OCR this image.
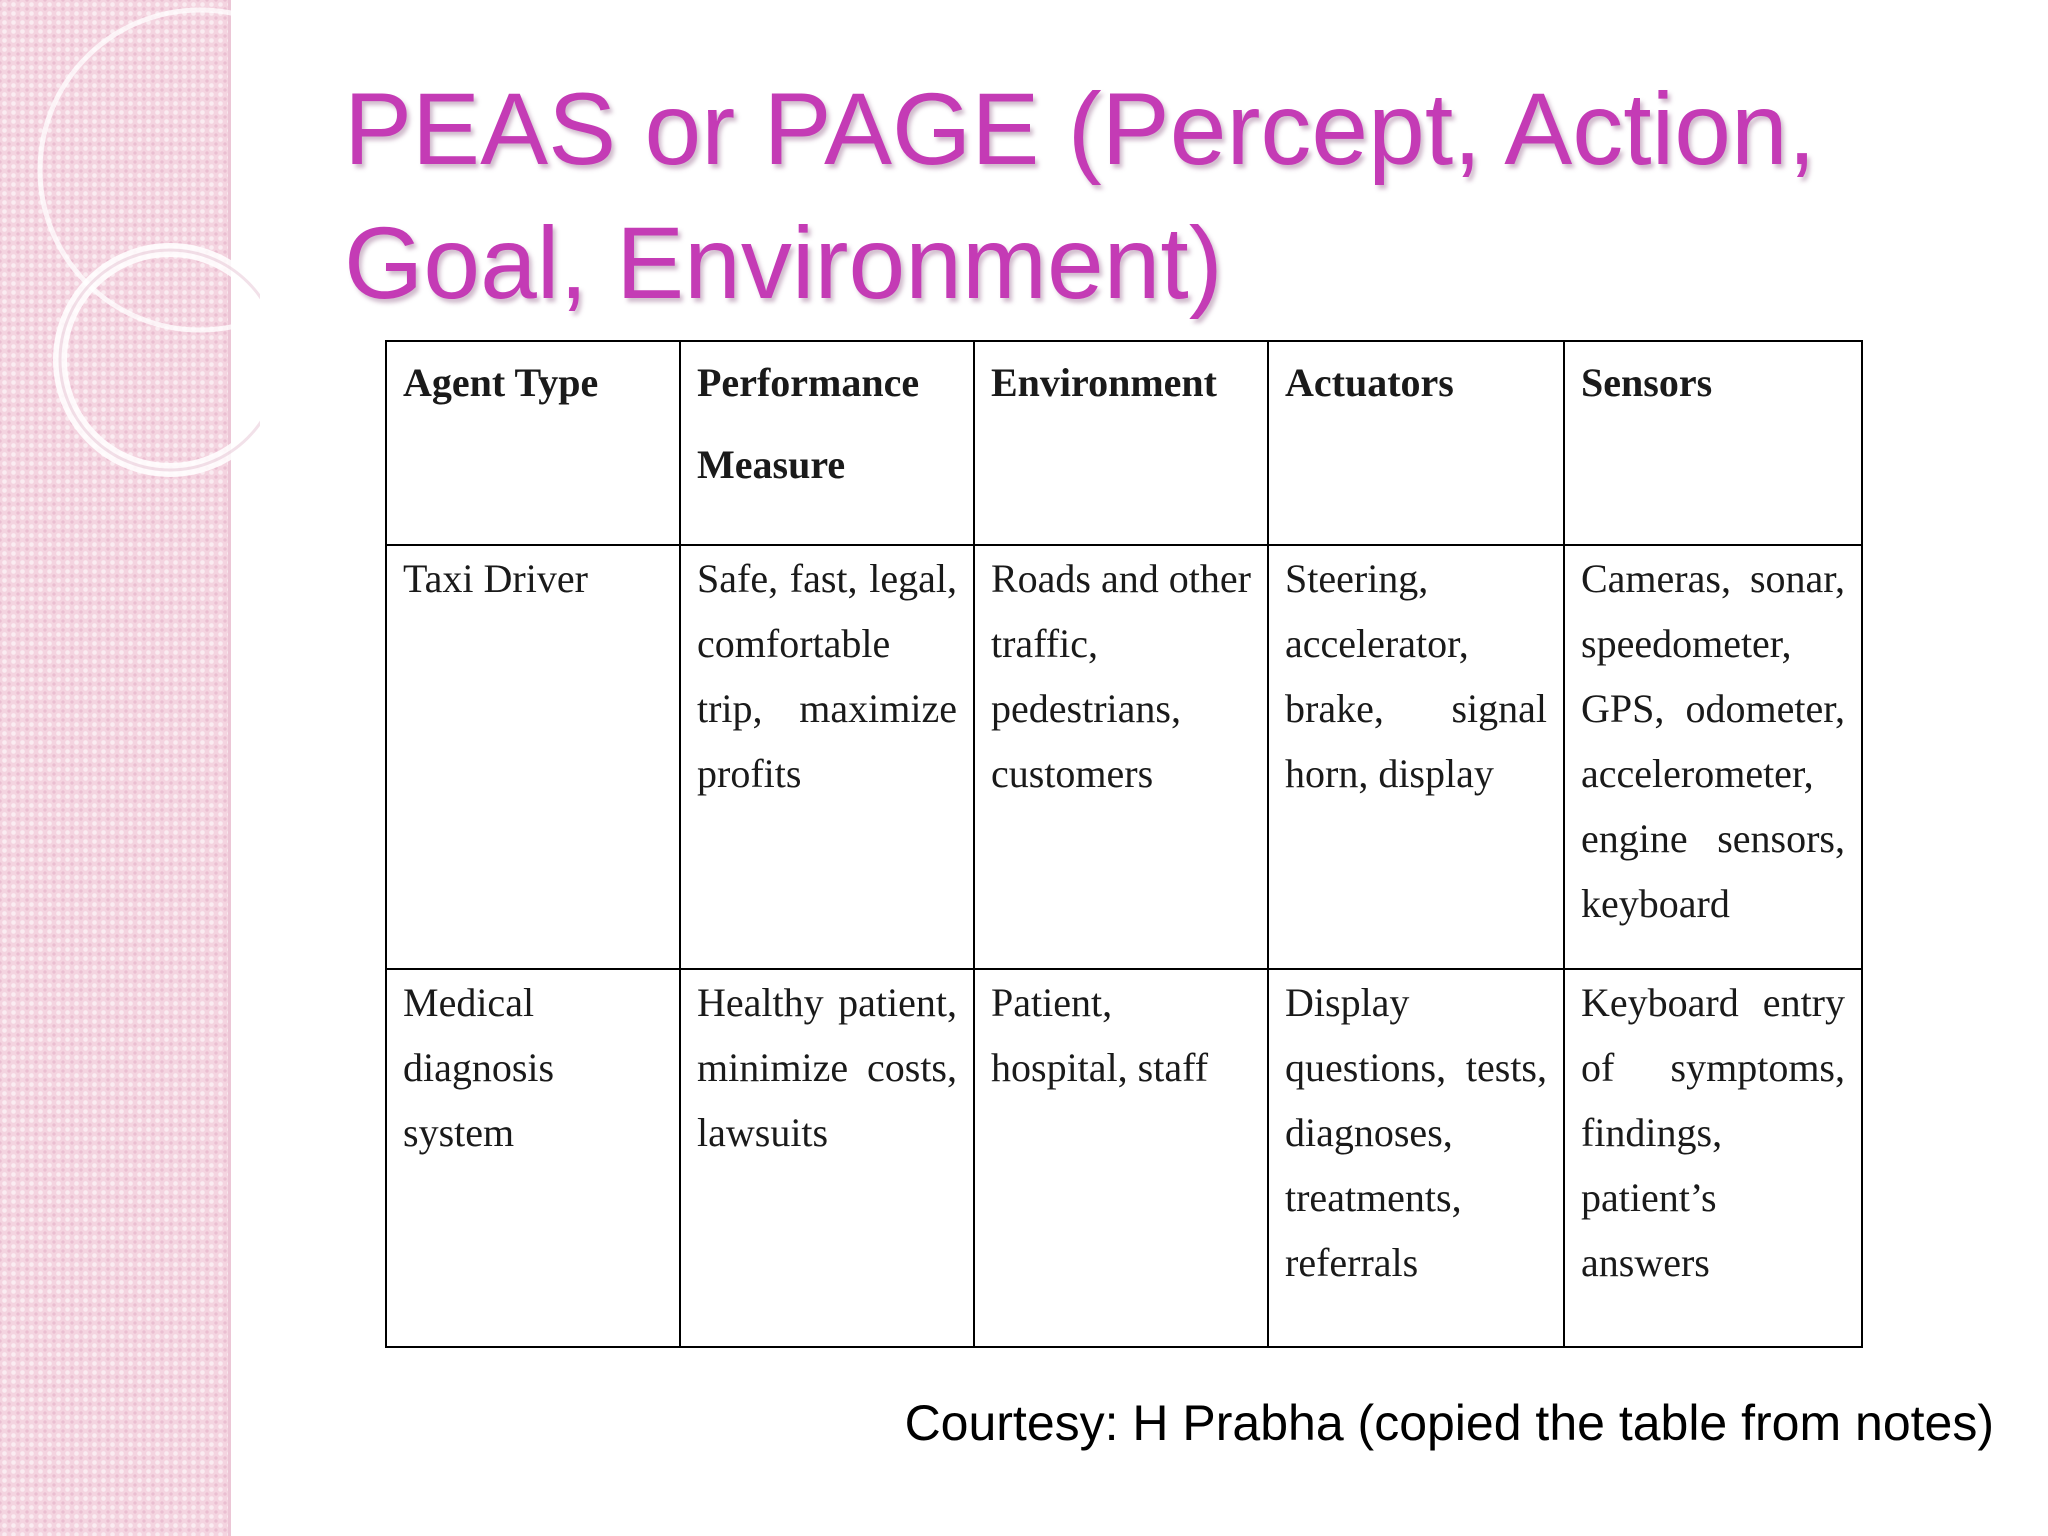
PEAS or PAGE (Percept, Action, Goal, Environment)
Agent Type	Performance Measure	Environment	Actuators	Sensors

Taxi Driver	Safe, fast, legal, comfortable trip, maximize profits	Roads and other traffic, pedestrians, customers	Steering, accelerator, brake, signal horn, display	Cameras, sonar, speedometer, GPS, odometer, accelerometer, engine sensors, keyboard

Medical diagnosis system	Healthy patient, minimize costs, lawsuits	Patient, hospital, staff	Display questions, tests, diagnoses, treatments, referrals	Keyboard entry of symptoms, findings, patient’s answers
Courtesy: H Prabha (copied the table from notes)
